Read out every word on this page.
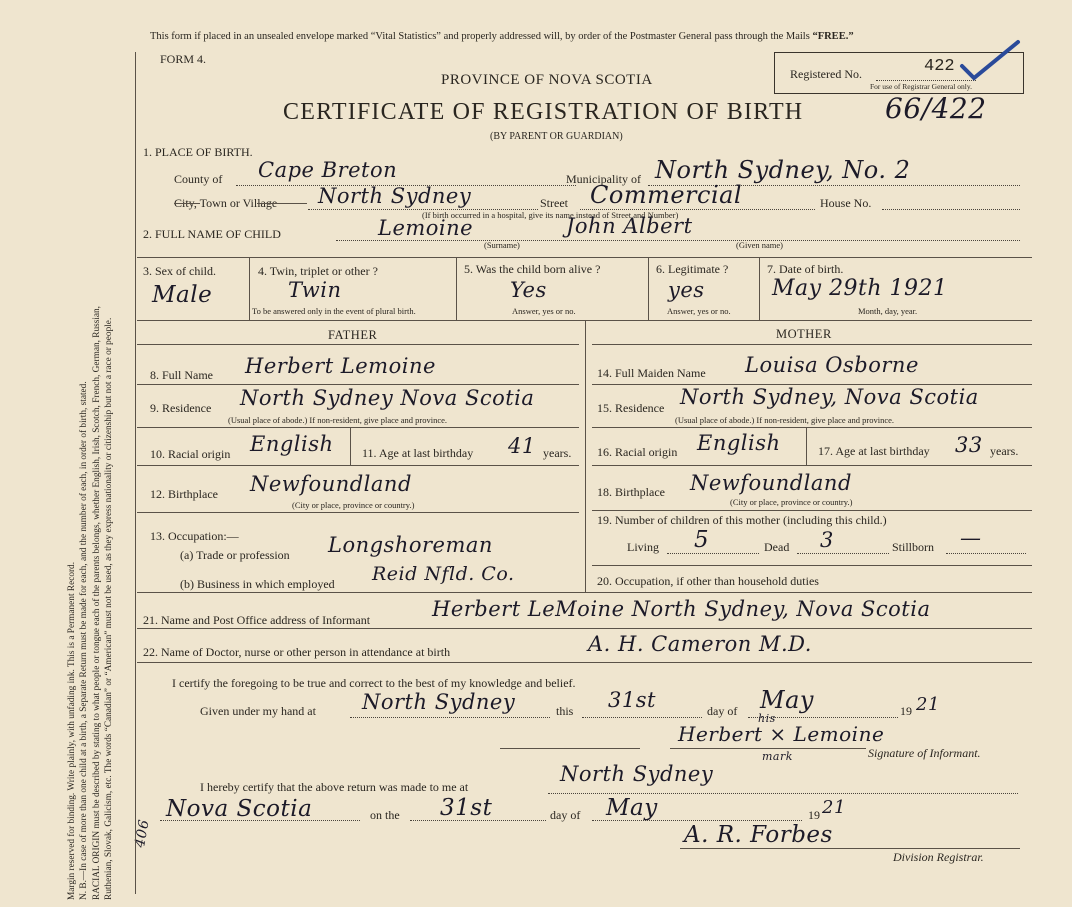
Margin reserved for binding. Write plainly, with unfading ink. This is a Permanent Record. N. B.—In case of more than one child at a birth, a Separate Return must be made for each, and the number of each, in order of birth, stated. RACIAL ORIGIN must be described by stating to what people or tongue each of the parents belongs, whether English, Irish, Scotch, French, German, Russian, Ruthenian, Slovak, Galicism, etc. The words “Canadian” or “American” must not be used, as they express nationality or citizenship but not a race or people. 406
This form if placed in an unsealed envelope marked “Vital Statistics” and properly addressed will, by order of the Postmaster General pass through the Mails “FREE.”
FORM 4.
PROVINCE OF NOVA SCOTIA
CERTIFICATE OF REGISTRATION OF BIRTH
(BY PARENT OR GUARDIAN)
66/422
Registered No.	422
For use of Registrar General only.
1. PLACE OF BIRTH.
County of Cape Breton	Municipality of North Sydney, No. 2
City, Town or Village North Sydney	Street Commercial	House No.
(If birth occurred in a hospital, give its name instead of Street and Number)
2. FULL NAME OF CHILD	Lemoine	John Albert
(Surname)	(Given name)
3. Sex of child.
Male
4. Twin, triplet or other ?
Twin
To be answered only in the event of plural birth.
5. Was the child born alive ?
Yes
Answer, yes or no.
6. Legitimate ?
yes
Answer, yes or no.
7. Date of birth.
May 29th 1921
Month, day, year.
FATHER	MOTHER
8. Full Name Herbert Lemoine
9. Residence North Sydney Nova Scotia
(Usual place of abode.) If non-resident, give place and province.
10. Racial origin English 11. Age at last birthday 41 years.
12. Birthplace Newfoundland
(City or place, province or country.)
13. Occupation:—
(a) Trade or profession Longshoreman
(b) Business in which employed Reid Nfld. Co.
14. Full Maiden Name Louisa Osborne
15. Residence North Sydney, Nova Scotia
(Usual place of abode.) If non-resident, give place and province.
16. Racial origin English	17. Age at last birthday 33 years.
18. Birthplace Newfoundland
(City or place, province or country.)
19. Number of children of this mother (including this child.)
Living 5	Dead 3	Stillborn —
20. Occupation, if other than household duties
21. Name and Post Office address of Informant	Herbert LeMoine North Sydney, Nova Scotia
22. Name of Doctor, nurse or other person in attendance at birth	A. H. Cameron M.D.
I certify the foregoing to be true and correct to the best of my knowledge and belief.
Given under my hand at North Sydney	this 31st	day of May	19 21
Herbert × Lemoine
his
mark	Signature of Informant.
I hereby certify that the above return was made to me at
North Sydney
Nova Scotia	on the 31st	day of May	19 21
A. R. Forbes
Division Registrar.
